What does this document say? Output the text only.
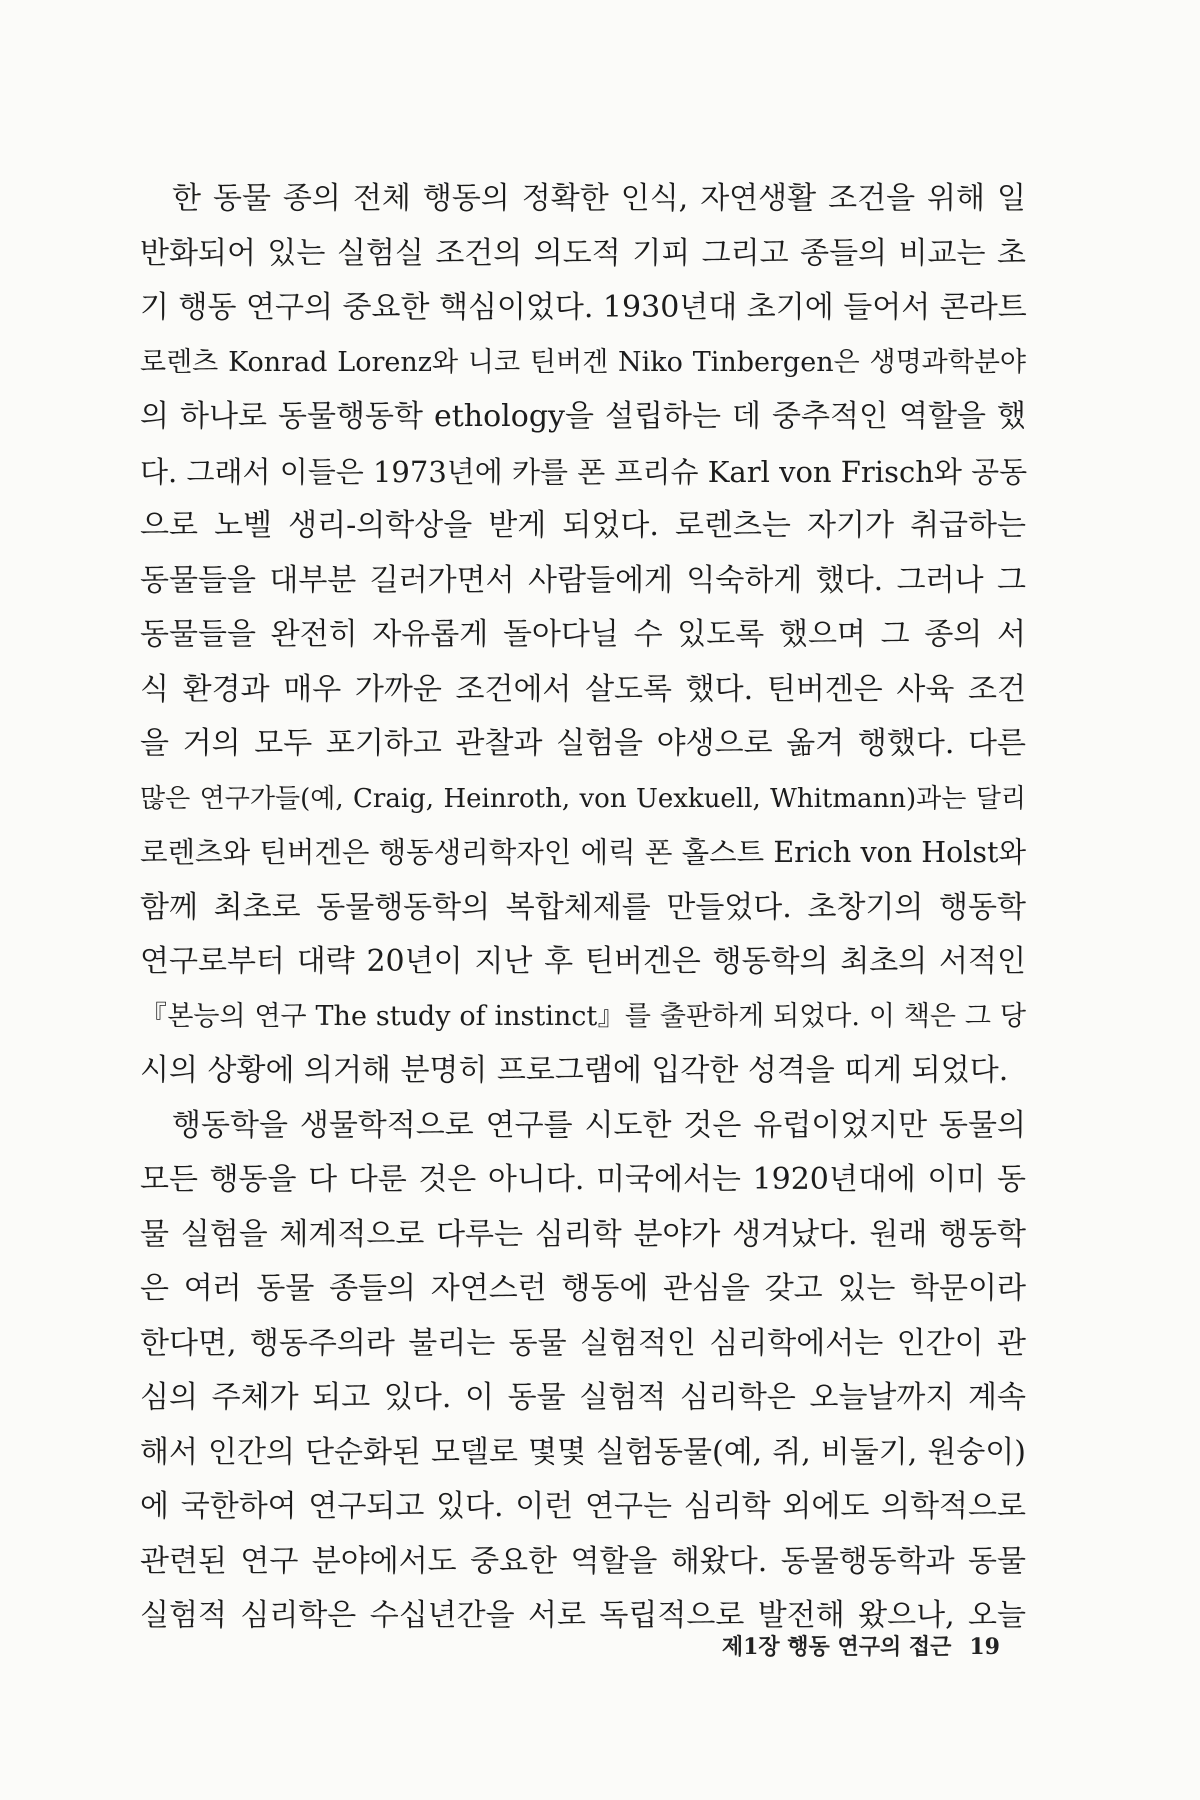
한 동물 종의 전체 행동의 정확한 인식, 자연생활 조건을 위해 일
반화되어 있는 실험실 조건의 의도적 기피 그리고 종들의 비교는 초
기 행동 연구의 중요한 핵심이었다. 1930년대 초기에 들어서 콘라트
로렌츠 Konrad Lorenz와 니코 틴버겐 Niko Tinbergen은 생명과학분야
의 하나로 동물행동학 ethology을 설립하는 데 중추적인 역할을 했
다. 그래서 이들은 1973년에 카를 폰 프리슈 Karl von Frisch와 공동
으로 노벨 생리-의학상을 받게 되었다. 로렌츠는 자기가 취급하는
동물들을 대부분 길러가면서 사람들에게 익숙하게 했다. 그러나 그
동물들을 완전히 자유롭게 돌아다닐 수 있도록 했으며 그 종의 서
식 환경과 매우 가까운 조건에서 살도록 했다. 틴버겐은 사육 조건
을 거의 모두 포기하고 관찰과 실험을 야생으로 옮겨 행했다. 다른
많은 연구가들(예, Craig, Heinroth, von Uexkuell, Whitmann)과는 달리
로렌츠와 틴버겐은 행동생리학자인 에릭 폰 홀스트 Erich von Holst와
함께 최초로 동물행동학의 복합체제를 만들었다. 초창기의 행동학
연구로부터 대략 20년이 지난 후 틴버겐은 행동학의 최초의 서적인
『본능의 연구 The study of instinct』를 출판하게 되었다. 이 책은 그 당
시의 상황에 의거해 분명히 프로그램에 입각한 성격을 띠게 되었다.
행동학을 생물학적으로 연구를 시도한 것은 유럽이었지만 동물의
모든 행동을 다 다룬 것은 아니다. 미국에서는 1920년대에 이미 동
물 실험을 체계적으로 다루는 심리학 분야가 생겨났다. 원래 행동학
은 여러 동물 종들의 자연스런 행동에 관심을 갖고 있는 학문이라
한다면, 행동주의라 불리는 동물 실험적인 심리학에서는 인간이 관
심의 주체가 되고 있다. 이 동물 실험적 심리학은 오늘날까지 계속
해서 인간의 단순화된 모델로 몇몇 실험동물(예, 쥐, 비둘기, 원숭이)
에 국한하여 연구되고 있다. 이런 연구는 심리학 외에도 의학적으로
관련된 연구 분야에서도 중요한 역할을 해왔다. 동물행동학과 동물
실험적 심리학은 수십년간을 서로 독립적으로 발전해 왔으나, 오늘
제1장 행동 연구의 접근 19
